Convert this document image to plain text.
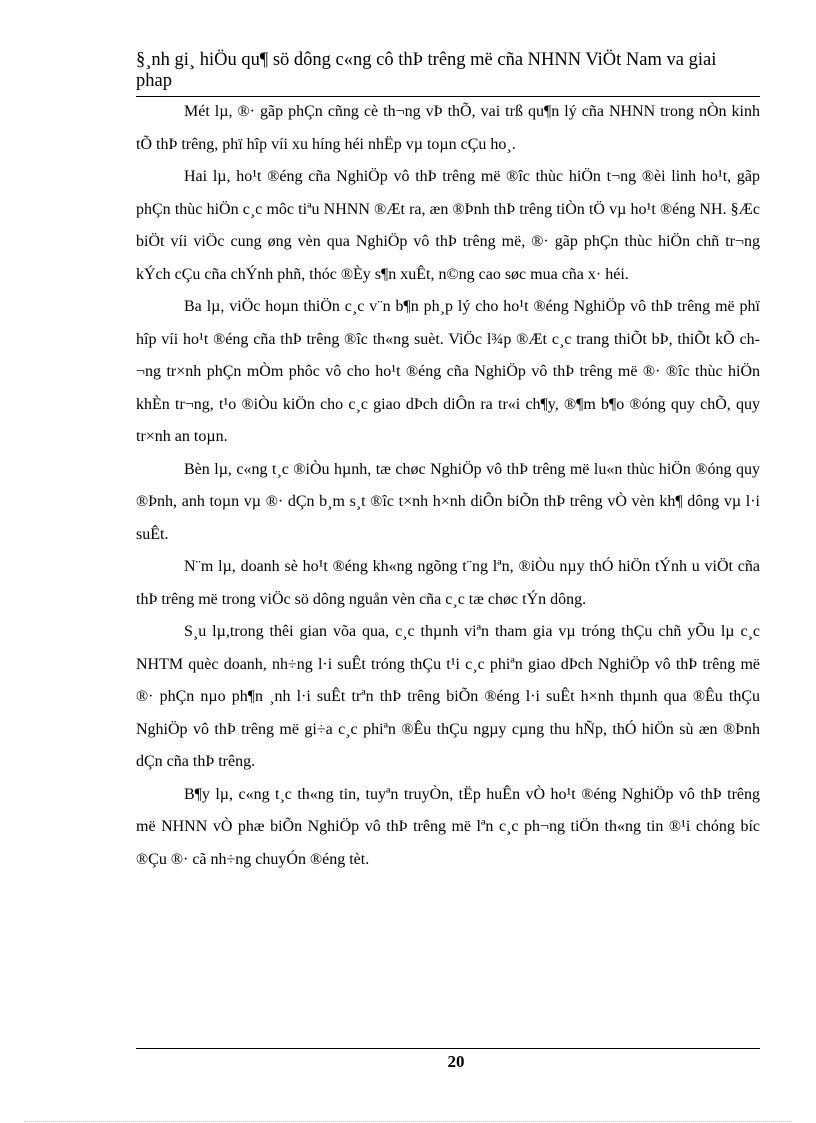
§¸nh gi¸ hiÖu qu¶ sö dông c«ng cô thÞ trêng më cña NHNN ViÖt Nam va giai phap

Mét lµ, ®· gãp phÇn cñng cè th¬ng vÞ thÕ, vai trß qu¶n lý cña NHNN trong nÒn kinh tÕ thÞ trêng, phï hîp víi xu híng héi nhËp vµ toµn cÇu ho¸.

Hai lµ, ho¹t ®éng cña NghiÖp vô thÞ trêng më ®îc thùc hiÖn t¬ng ®èi linh ho¹t, gãp phÇn thùc hiÖn c¸c môc tiªu NHNN ®Æt ra, æn ®Þnh thÞ trêng tiÒn tÖ vµ ho¹t ®éng NH. §Æc biÖt víi viÖc cung øng vèn qua NghiÖp vô thÞ trêng më, ®· gãp phÇn thùc hiÖn chñ tr¬ng kÝch cÇu cña chÝnh phñ, thóc ®Èy s¶n xuÊt, n©ng cao søc mua cña x· héi.

Ba lµ, viÖc hoµn thiÖn c¸c v¨n b¶n ph¸p lý cho ho¹t ®éng NghiÖp vô thÞ trêng më phï hîp víi ho¹t ®éng cña thÞ trêng ®îc th«ng suèt. ViÖc l¾p ®Æt c¸c trang thiÕt bÞ, thiÕt kÕ ch¬ng tr×nh phÇn mÒm phôc vô cho ho¹t ®éng cña NghiÖp vô thÞ trêng më ®· ®îc thùc hiÖn khÈn tr¬ng, t¹o ®iÒu kiÖn cho c¸c giao dÞch diÔn ra tr«i ch¶y, ®¶m b¶o ®óng quy chÕ, quy tr×nh an toµn.

Bèn lµ, c«ng t¸c ®iÒu hµnh, tæ chøc NghiÖp vô thÞ trêng më lu«n thùc hiÖn ®óng quy ®Þnh, anh toµn vµ ®· dÇn b¸m s¸t ®îc t×nh h×nh diÔn biÕn thÞ trêng vÒ vèn kh¶ dông vµ l·i suÊt.

N¨m lµ, doanh sè ho¹t ®éng kh«ng ngõng t¨ng lªn, ®iÒu nµy thÓ hiÖn tÝnh u viÖt cña thÞ trêng më trong viÖc sö dông nguån vèn cña c¸c tæ chøc tÝn dông.

S¸u lµ,trong thêi gian võa qua, c¸c thµnh viªn tham gia vµ tróng thÇu chñ yÕu lµ c¸c NHTM quèc doanh, nh÷ng l·i suÊt tróng thÇu t¹i c¸c phiªn giao dÞch NghiÖp vô thÞ trêng më ®· phÇn nµo ph¶n ¸nh l·i suÊt trªn thÞ trêng biÕn ®éng l·i suÊt h×nh thµnh qua ®Êu thÇu NghiÖp vô thÞ trêng më gi÷a c¸c phiªn ®Êu thÇu ngµy cµng thu hÑp, thÓ hiÖn sù æn ®Þnh dÇn cña thÞ trêng.

B¶y lµ, c«ng t¸c th«ng tin, tuyªn truyÒn, tËp huÊn vÒ ho¹t ®éng NghiÖp vô thÞ trêng më NHNN vÒ phæ biÕn NghiÖp vô thÞ trêng më lªn c¸c ph¬ng tiÖn th«ng tin ®¹i chóng bíc ®Çu ®· cã nh÷ng chuyÓn ®éng tèt.

20
